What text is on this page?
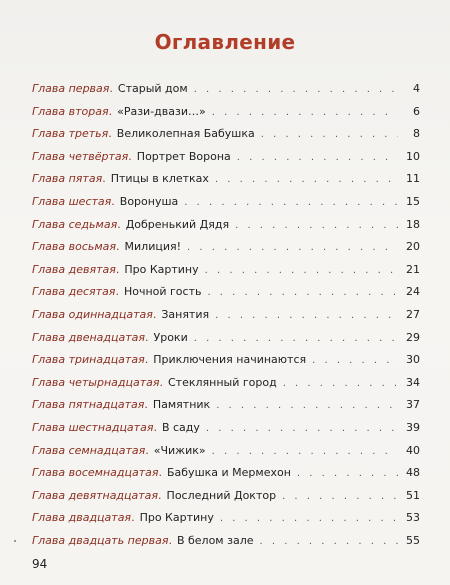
Оглавление
Глава первая . Старый дом . . .	4
Глава вторая . «Рази-двази…» . . .	6
Глава третья . Великолепная Бабушка . . .	8
Глава четвёртая . Портрет Ворона . . .	10
Глава пятая . Птицы в клетках . . .	11
Глава шестая . Воронуша . . .	15
Глава седьмая . Добренький Дядя . . .	18
Глава восьмая . Милиция! . . .	20
Глава девятая . Про Картину . . .	21
Глава десятая . Ночной гость . . .	24
Глава одиннадцатая . Занятия . . .	27
Глава двенадцатая . Уроки . . .	29
Глава тринадцатая . Приключения начинаются . . .	30
Глава четырнадцатая . Стеклянный город . . .	34
Глава пятнадцатая . Памятник . . .	37
Глава шестнадцатая . В саду . . .	39
Глава семнадцатая . «Чижик» . . .	40
Глава восемнадцатая . Бабушка и Мермехон . . .	48
Глава девятнадцатая . Последний Доктор . . .	51
Глава двадцатая . Про Картину . . .	53
Глава двадцать первая . В белом зале . . .	55
94
